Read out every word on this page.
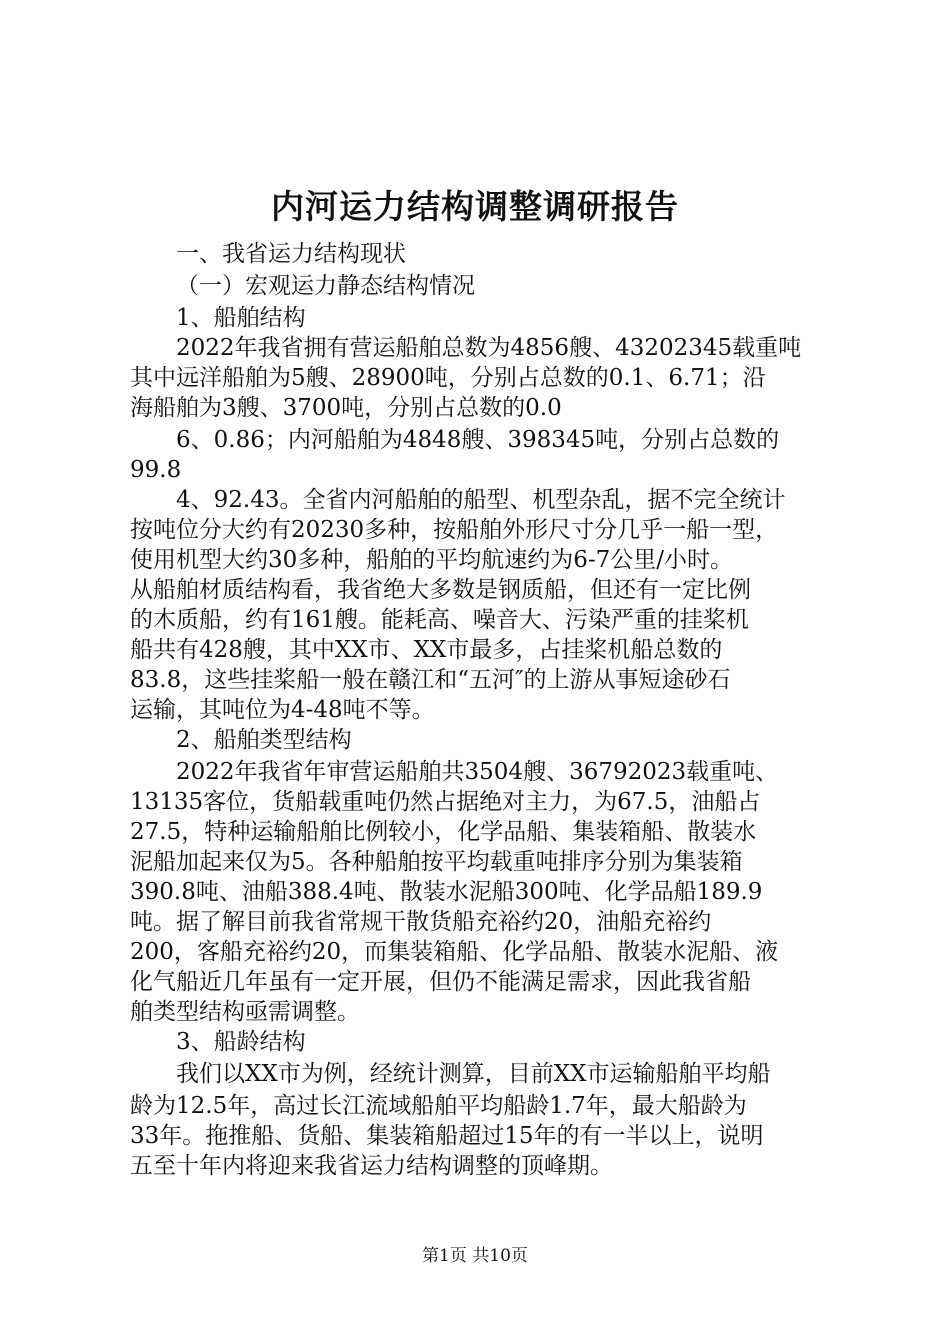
内河运力结构调整调研报告
一、我省运力结构现状
（一）宏观运力静态结构情况
1、船舶结构
2022年我省拥有营运船舶总数为4856艘、43202345载重吨
其中远洋船舶为5艘、28900吨，分别占总数的0.1、6.71；沿
海船舶为3艘、3700吨，分别占总数的0.0
6、0.86；内河船舶为4848艘、398345吨，分别占总数的
99.8
4、92.43。全省内河船舶的船型、机型杂乱，据不完全统计
按吨位分大约有20230多种，按船舶外形尺寸分几乎一船一型，
使用机型大约30多种，船舶的平均航速约为6-7公里/小时。
从船舶材质结构看，我省绝大多数是钢质船，但还有一定比例
的木质船，约有161艘。能耗高、噪音大、污染严重的挂桨机
船共有428艘，其中XX市、XX市最多，占挂桨机船总数的
83.8，这些挂桨船一般在赣江和“五河″的上游从事短途砂石
运输，其吨位为4-48吨不等。
2、船舶类型结构
2022年我省年审营运船舶共3504艘、36792023载重吨、
13135客位，货船载重吨仍然占据绝对主力，为67.5，油船占
27.5，特种运输船舶比例较小，化学品船、集装箱船、散装水
泥船加起来仅为5。各种船舶按平均载重吨排序分别为集装箱
390.8吨、油船388.4吨、散装水泥船300吨、化学品船189.9
吨。据了解目前我省常规干散货船充裕约20，油船充裕约
200，客船充裕约20，而集装箱船、化学品船、散装水泥船、液
化气船近几年虽有一定开展，但仍不能满足需求，因此我省船
舶类型结构亟需调整。
3、船龄结构
我们以XX市为例，经统计测算，目前XX市运输船舶平均船
龄为12.5年，高过长江流域船舶平均船龄1.7年，最大船龄为
33年。拖推船、货船、集装箱船超过15年的有一半以上，说明
五至十年内将迎来我省运力结构调整的顶峰期。
第1页 共10页
